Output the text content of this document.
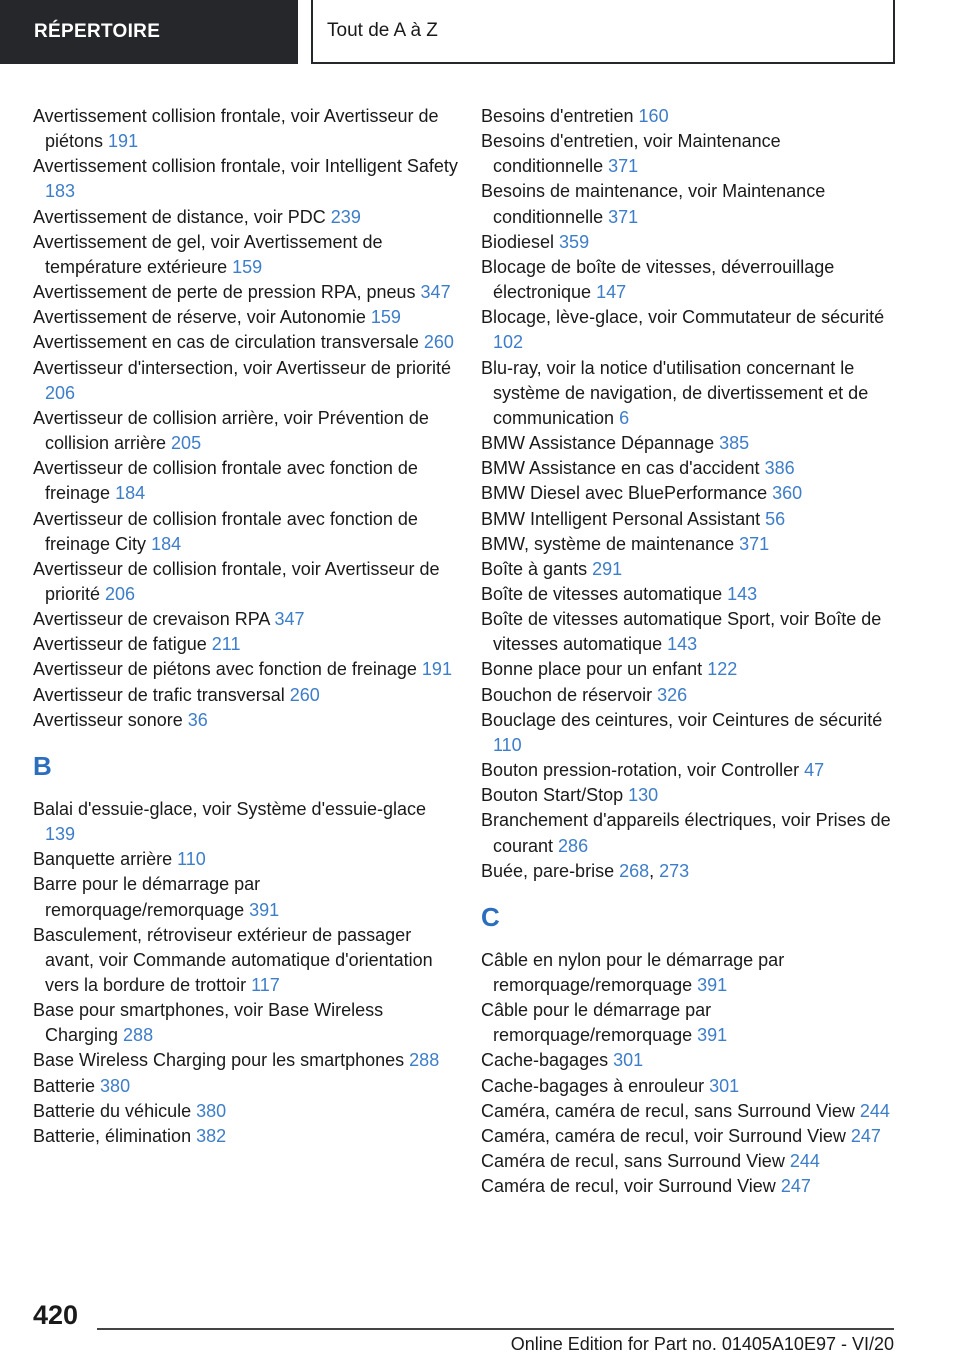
RÉPERTOIRE	Tout de A à Z

Avertissement collision frontale, voir Avertisseur de piétons 191

Avertissement collision frontale, voir Intelligent Safety 183

Avertissement de distance, voir PDC 239

Avertissement de gel, voir Avertissement de température extérieure 159

Avertissement de perte de pression RPA, pneus 347

Avertissement de réserve, voir Autonomie 159

Avertissement en cas de circulation transversale 260

Avertisseur d'intersection, voir Avertisseur de priorité 206

Avertisseur de collision arrière, voir Prévention de collision arrière 205

Avertisseur de collision frontale avec fonction de freinage 184

Avertisseur de collision frontale avec fonction de freinage City 184

Avertisseur de collision frontale, voir Avertisseur de priorité 206

Avertisseur de crevaison RPA 347

Avertisseur de fatigue 211

Avertisseur de piétons avec fonction de freinage 191

Avertisseur de trafic transversal 260

Avertisseur sonore 36

B

Balai d'essuie-glace, voir Système d'essuie-glace 139

Banquette arrière 110

Barre pour le démarrage par remorquage/remorquage 391

Basculement, rétroviseur extérieur de passager avant, voir Commande automatique d'orientation vers la bordure de trottoir 117

Base pour smartphones, voir Base Wireless Charging 288

Base Wireless Charging pour les smartphones 288

Batterie 380

Batterie du véhicule 380

Batterie, élimination 382

Besoins d'entretien 160

Besoins d'entretien, voir Maintenance conditionnelle 371

Besoins de maintenance, voir Maintenance conditionnelle 371

Biodiesel 359

Blocage de boîte de vitesses, déverrouillage électronique 147

Blocage, lève-glace, voir Commutateur de sécurité 102

Blu-ray, voir la notice d'utilisation concernant le système de navigation, de divertissement et de communication 6

BMW Assistance Dépannage 385

BMW Assistance en cas d'accident 386

BMW Diesel avec BluePerformance 360

BMW Intelligent Personal Assistant 56

BMW, système de maintenance 371

Boîte à gants 291

Boîte de vitesses automatique 143

Boîte de vitesses automatique Sport, voir Boîte de vitesses automatique 143

Bonne place pour un enfant 122

Bouchon de réservoir 326

Bouclage des ceintures, voir Ceintures de sécurité 110

Bouton pression-rotation, voir Controller 47

Bouton Start/Stop 130

Branchement d'appareils électriques, voir Prises de courant 286

Buée, pare-brise 268, 273

C

Câble en nylon pour le démarrage par remorquage/remorquage 391

Câble pour le démarrage par remorquage/remorquage 391

Cache-bagages 301

Cache-bagages à enrouleur 301

Caméra, caméra de recul, sans Surround View 244

Caméra, caméra de recul, voir Surround View 247

Caméra de recul, sans Surround View 244

Caméra de recul, voir Surround View 247

420
Online Edition for Part no. 01405A10E97 - VI/20
